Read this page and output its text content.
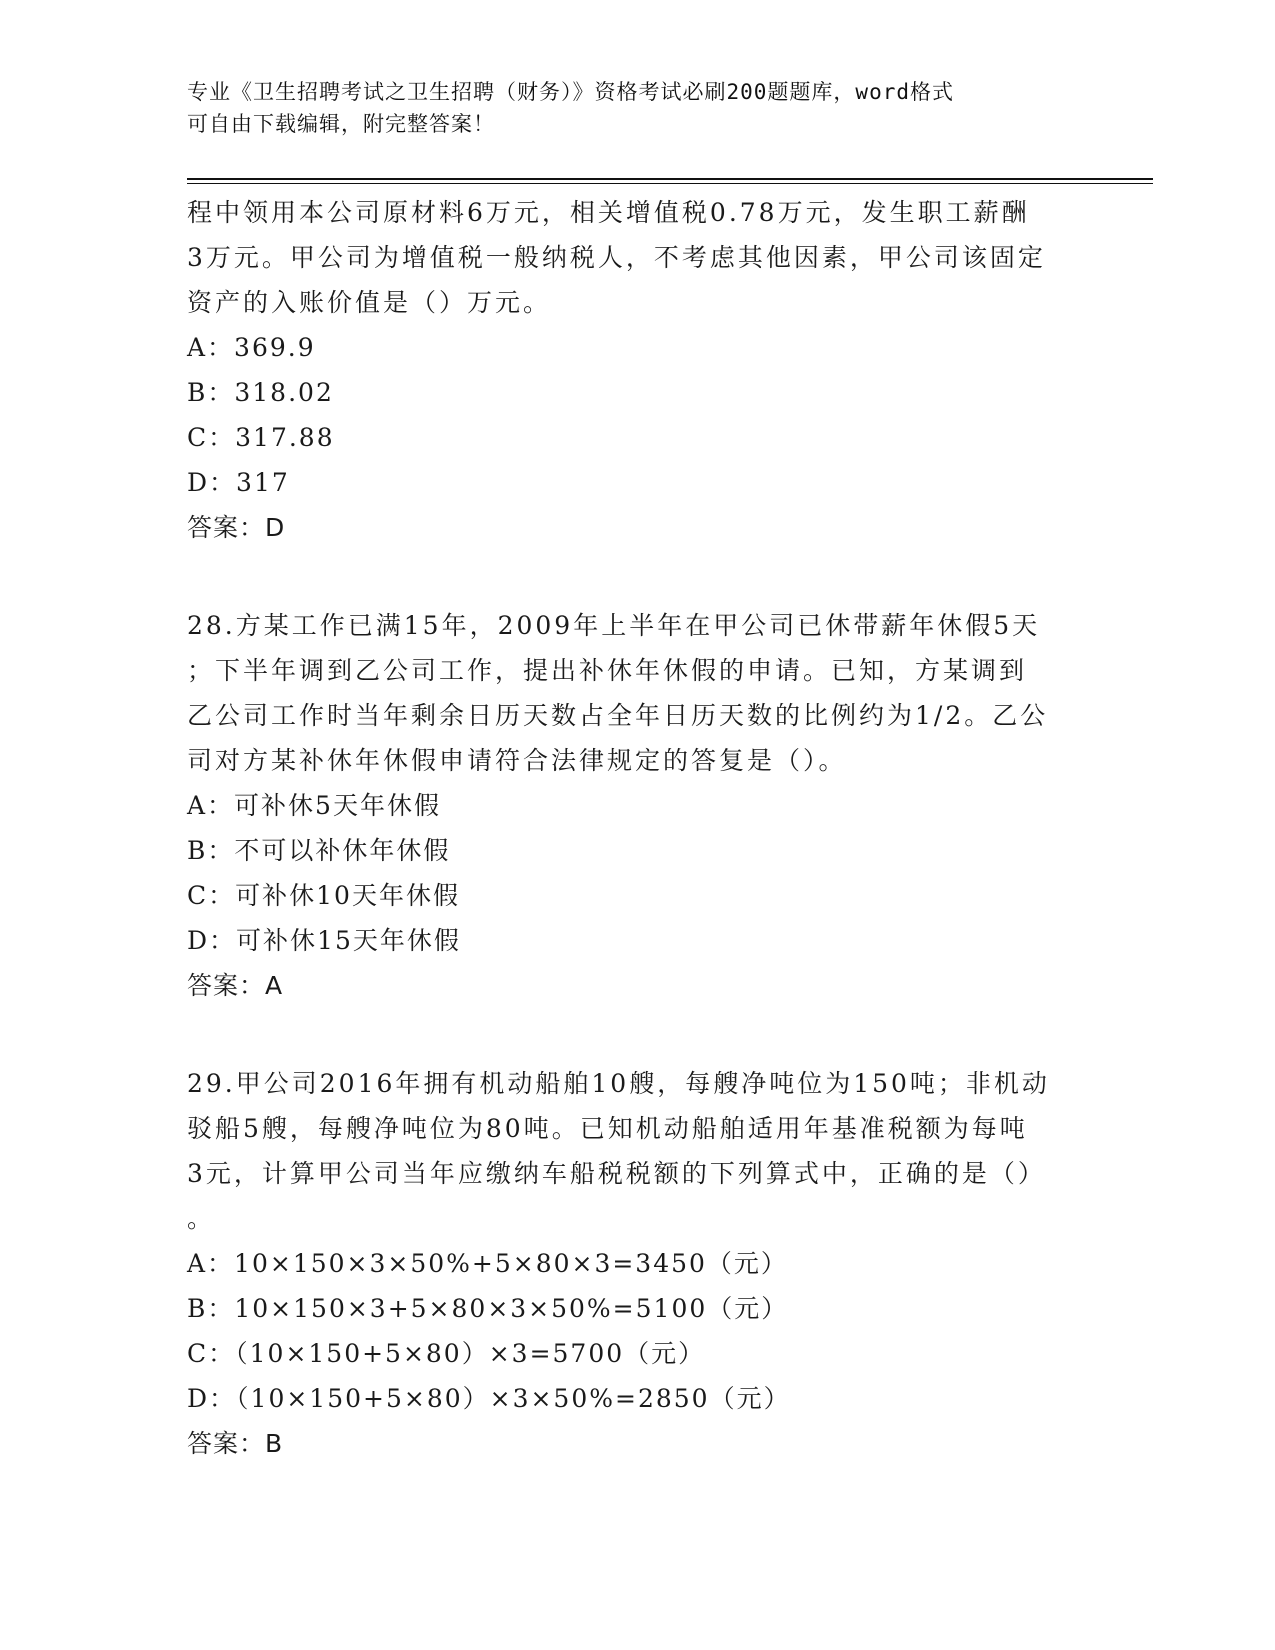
专业《卫生招聘考试之卫生招聘（财务）》资格考试必刷200题题库，word格式
可自由下载编辑，附完整答案！
程中领用本公司原材料6万元，相关增值税0.78万元，发生职工薪酬
3万元。甲公司为增值税一般纳税人，不考虑其他因素，甲公司该固定
资产的入账价值是（）万元。
A：369.9
B：318.02
C：317.88
D：317
答案：D
28.方某工作已满15年，2009年上半年在甲公司已休带薪年休假5天
；下半年调到乙公司工作，提出补休年休假的申请。已知，方某调到
乙公司工作时当年剩余日历天数占全年日历天数的比例约为1/2。乙公
司对方某补休年休假申请符合法律规定的答复是（）。
A：可补休5天年休假
B：不可以补休年休假
C：可补休10天年休假
D：可补休15天年休假
答案：A
29.甲公司2016年拥有机动船舶10艘，每艘净吨位为150吨；非机动
驳船5艘，每艘净吨位为80吨。已知机动船舶适用年基准税额为每吨
3元，计算甲公司当年应缴纳车船税税额的下列算式中，正确的是（）
。
A：10×150×3×50%+5×80×3=3450（元）
B：10×150×3+5×80×3×50%=5100（元）
C：（10×150+5×80）×3=5700（元）
D：（10×150+5×80）×3×50%=2850（元）
答案：B
